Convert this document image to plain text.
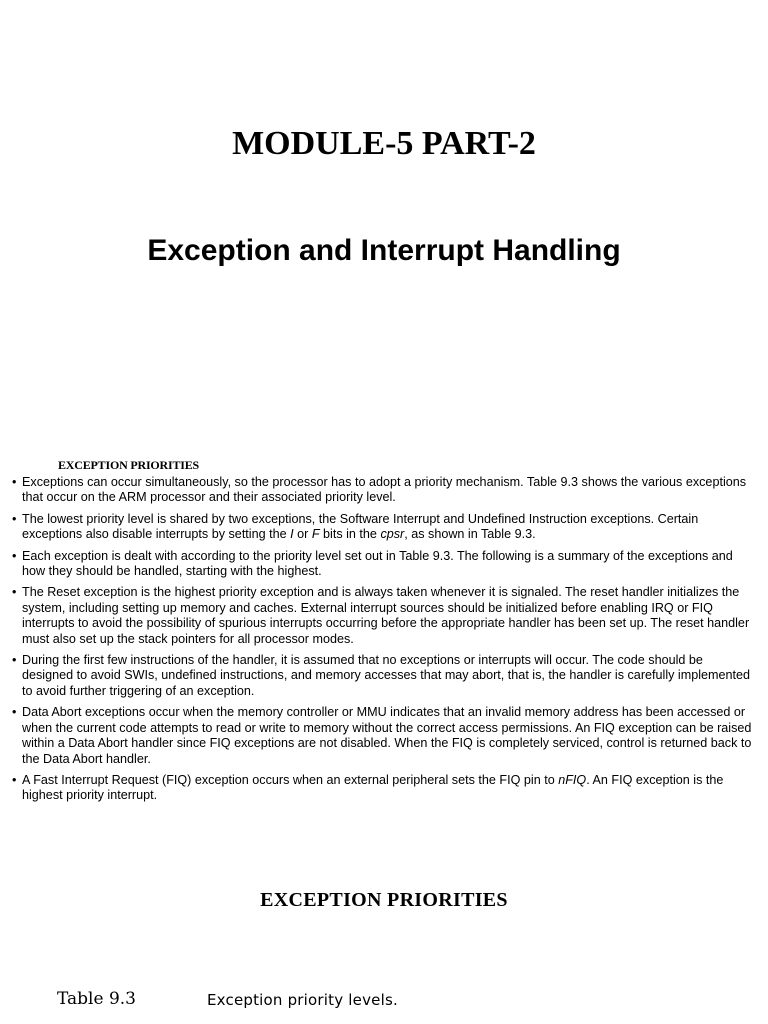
MODULE-5 PART-2
Exception and Interrupt Handling
EXCEPTION PRIORITIES
• Exceptions can occur simultaneously, so the processor has to adopt a priority mechanism. Table 9.3 shows the various exceptions that occur on the ARM processor and their associated priority level.
• The lowest priority level is shared by two exceptions, the Software Interrupt and Undefined Instruction exceptions. Certain exceptions also disable interrupts by setting the I or F bits in the cpsr, as shown in Table 9.3.
• Each exception is dealt with according to the priority level set out in Table 9.3. The following is a summary of the exceptions and how they should be handled, starting with the highest.
• The Reset exception is the highest priority exception and is always taken whenever it is signaled. The reset handler initializes the system, including setting up memory and caches. External interrupt sources should be initialized before enabling IRQ or FIQ interrupts to avoid the possibility of spurious interrupts occurring before the appropriate handler has been set up. The reset handler must also set up the stack pointers for all processor modes.
• During the first few instructions of the handler, it is assumed that no exceptions or interrupts will occur. The code should be designed to avoid SWIs, undefined instructions, and memory accesses that may abort, that is, the handler is carefully implemented to avoid further triggering of an exception.
• Data Abort exceptions occur when the memory controller or MMU indicates that an invalid memory address has been accessed or when the current code attempts to read or write to memory without the correct access permissions. An FIQ exception can be raised within a Data Abort handler since FIQ exceptions are not disabled. When the FIQ is completely serviced, control is returned back to the Data Abort handler.
• A Fast Interrupt Request (FIQ) exception occurs when an external peripheral sets the FIQ pin to nFIQ. An FIQ exception is the highest priority interrupt.
EXCEPTION PRIORITIES
Table 9.3	Exception priority levels.
